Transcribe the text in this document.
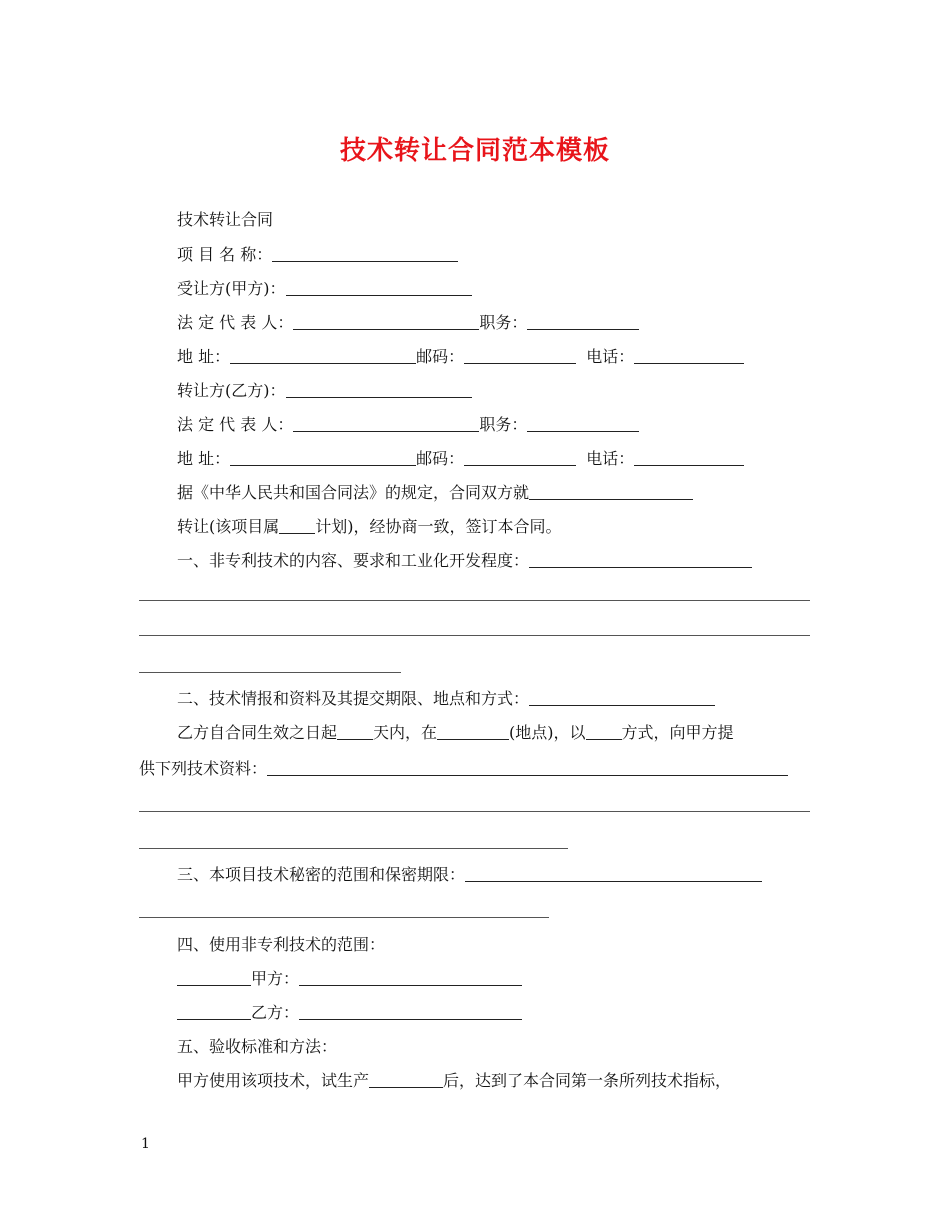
技术转让合同范本模板
技术转让合同
项 目 名 称：
受让方(甲方)：
法 定 代 表 人：	职务：
地 址：	邮码：	电话：
转让方(乙方)：
法 定 代 表 人：	职务：
地 址：	邮码：	电话：
据《中华人民共和国合同法》的规定，合同双方就
转让(该项目属 计划)，经协商一致，签订本合同。
一、非专利技术的内容、要求和工业化开发程度：
二、技术情报和资料及其提交期限、地点和方式：
乙方自合同生效之日起 天内，在	(地点)，以 方式，向甲方提
供下列技术资料：
三、本项目技术秘密的范围和保密期限：
四、使用非专利技术的范围：
甲方：
乙方：
五、验收标准和方法：
甲方使用该项技术，试生产	后，达到了本合同第一条所列技术指标，
1
